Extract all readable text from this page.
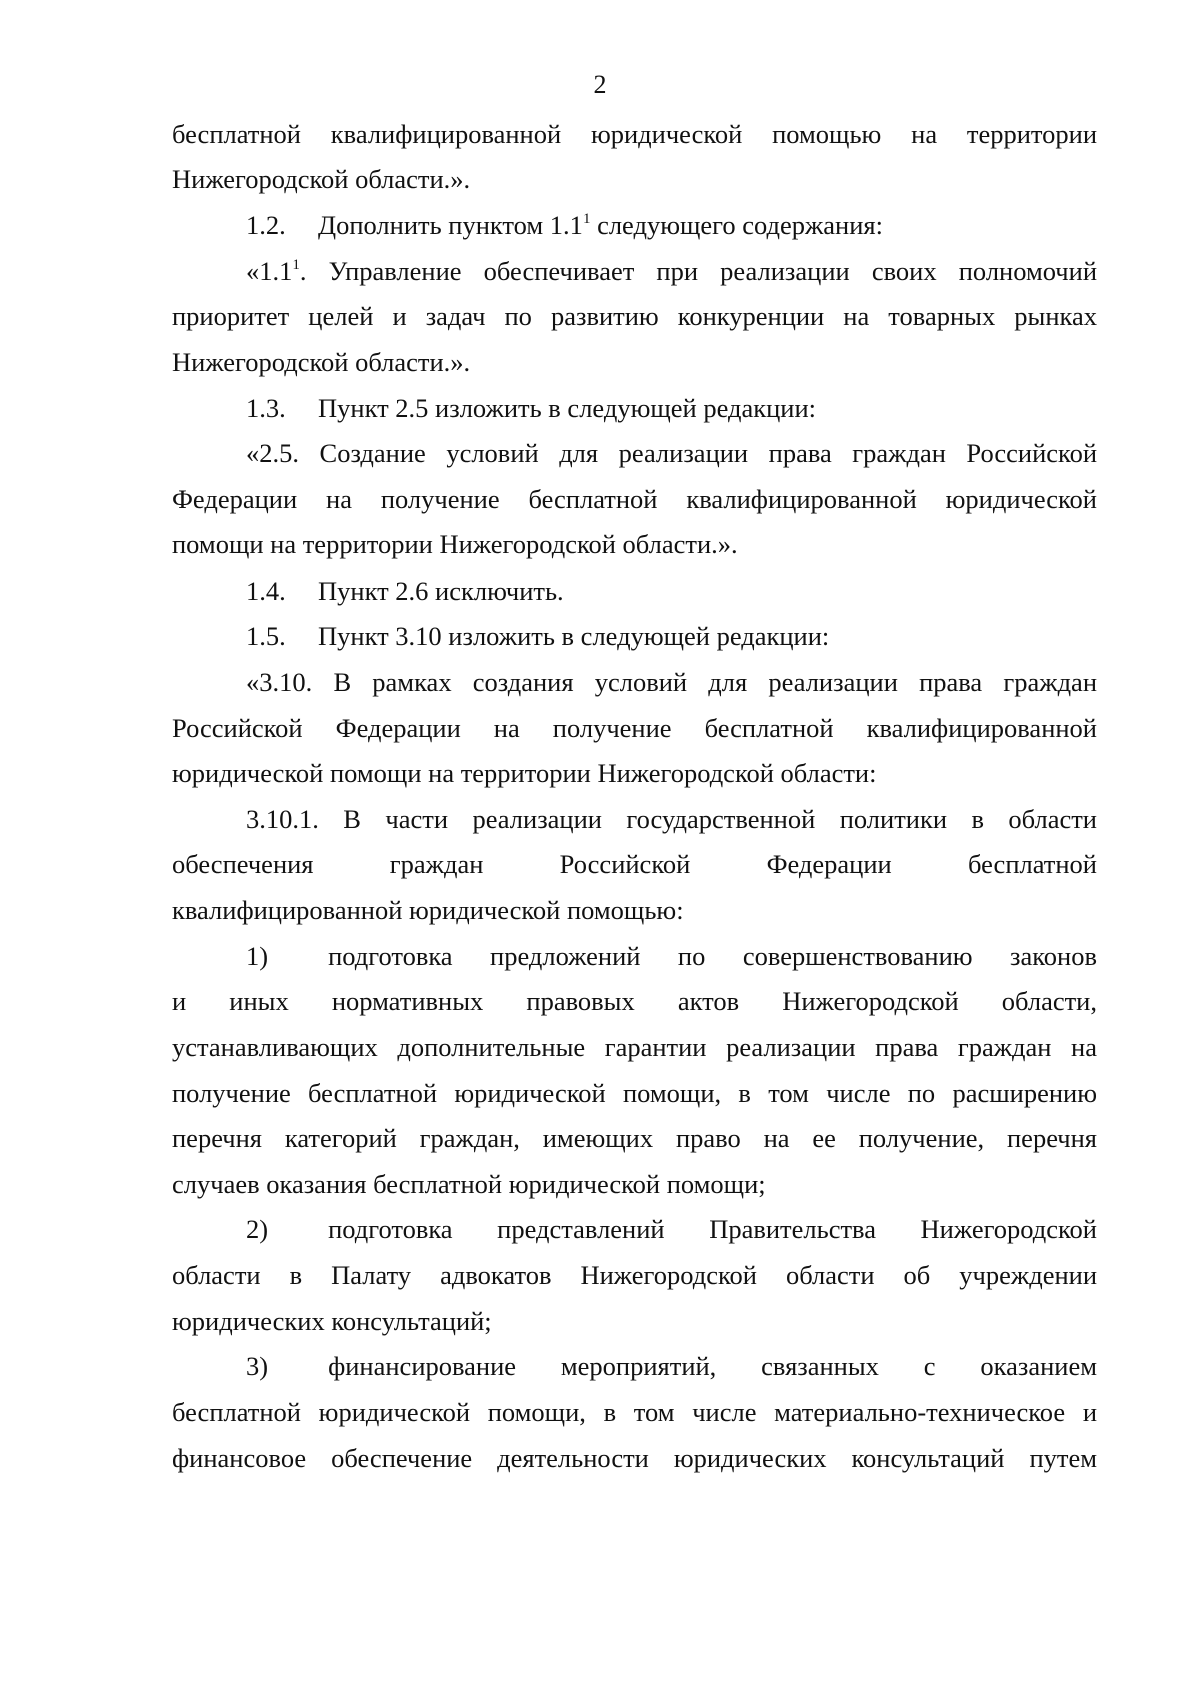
2
бесплатной квалифицированной юридической помощью на территории
Нижегородской области.».
1.2. Дополнить пунктом $1.1^1$ следующего содержания:
«$1.1^1$. Управление обеспечивает при реализации своих полномочий
приоритет целей и задач по развитию конкуренции на товарных рынках
Нижегородской области.».
1.3. Пункт 2.5 изложить в следующей редакции:
«2.5. Создание условий для реализации права граждан Российской
Федерации на получение бесплатной квалифицированной юридической
помощи на территории Нижегородской области.».
1.4. Пункт 2.6 исключить.
1.5. Пункт 3.10 изложить в следующей редакции:
«3.10. В рамках создания условий для реализации права граждан
Российской Федерации на получение бесплатной квалифицированной
юридической помощи на территории Нижегородской области:
3.10.1. В части реализации государственной политики в области
обеспечения граждан Российской Федерации бесплатной
квалифицированной юридической помощью:
1) подготовка предложений по совершенствованию законов
и иных нормативных правовых актов Нижегородской области,
устанавливающих дополнительные гарантии реализации права граждан на
получение бесплатной юридической помощи, в том числе по расширению
перечня категорий граждан, имеющих право на ее получение, перечня
случаев оказания бесплатной юридической помощи;
2) подготовка представлений Правительства Нижегородской
области в Палату адвокатов Нижегородской области об учреждении
юридических консультаций;
3) финансирование мероприятий, связанных с оказанием
бесплатной юридической помощи, в том числе материально-техническое и
финансовое обеспечение деятельности юридических консультаций путем
